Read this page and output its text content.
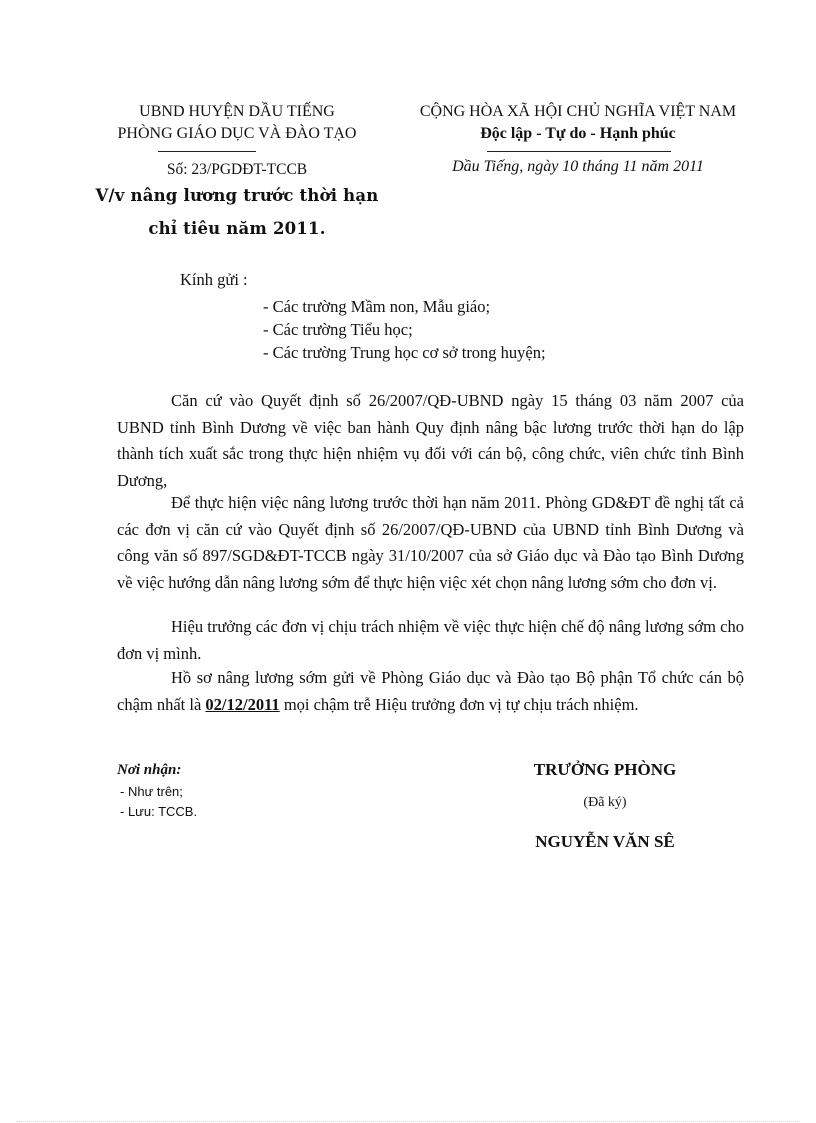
UBND HUYỆN DẦU TIẾNG
PHÒNG GIÁO DỤC VÀ ĐÀO TẠO
Số: 23/PGDĐT-TCCB
V/v nâng lương trước thời hạn
chỉ tiêu năm 2011.
CỘNG HÒA XÃ HỘI CHỦ NGHĨA VIỆT NAM
Độc lập - Tự do - Hạnh phúc
Dầu Tiếng, ngày 10 tháng 11 năm 2011
Kính gửi :
- Các trường Mầm non, Mẫu giáo;
- Các trường Tiểu học;
- Các trường Trung học cơ sở trong huyện;
Căn cứ vào Quyết định số 26/2007/QĐ-UBND ngày 15 tháng 03 năm 2007 của UBND tỉnh Bình Dương về việc ban hành Quy định nâng bậc lương trước thời hạn do lập thành tích xuất sắc trong thực hiện nhiệm vụ đối với cán bộ, công chức, viên chức tỉnh Bình Dương,
Để thực hiện việc nâng lương trước thời hạn năm 2011. Phòng GD&ĐT đề nghị tất cả các đơn vị căn cứ vào Quyết định số 26/2007/QĐ-UBND của UBND tỉnh Bình Dương và công văn số 897/SGD&ĐT-TCCB ngày 31/10/2007 của sở Giáo dục và Đào tạo Bình Dương về việc hướng dẫn nâng lương sớm để thực hiện việc xét chọn nâng lương sớm cho đơn vị.
Hiệu trưởng các đơn vị chịu trách nhiệm về việc thực hiện chế độ nâng lương sớm cho đơn vị mình.
Hồ sơ nâng lương sớm gửi về Phòng Giáo dục và Đào tạo Bộ phận Tổ chức cán bộ chậm nhất là 02/12/2011 mọi chậm trễ Hiệu trưởng đơn vị tự chịu trách nhiệm.
Nơi nhận:
- Như trên;
- Lưu: TCCB.
TRƯỞNG PHÒNG
(Đã ký)
NGUYỄN VĂN SÊ
